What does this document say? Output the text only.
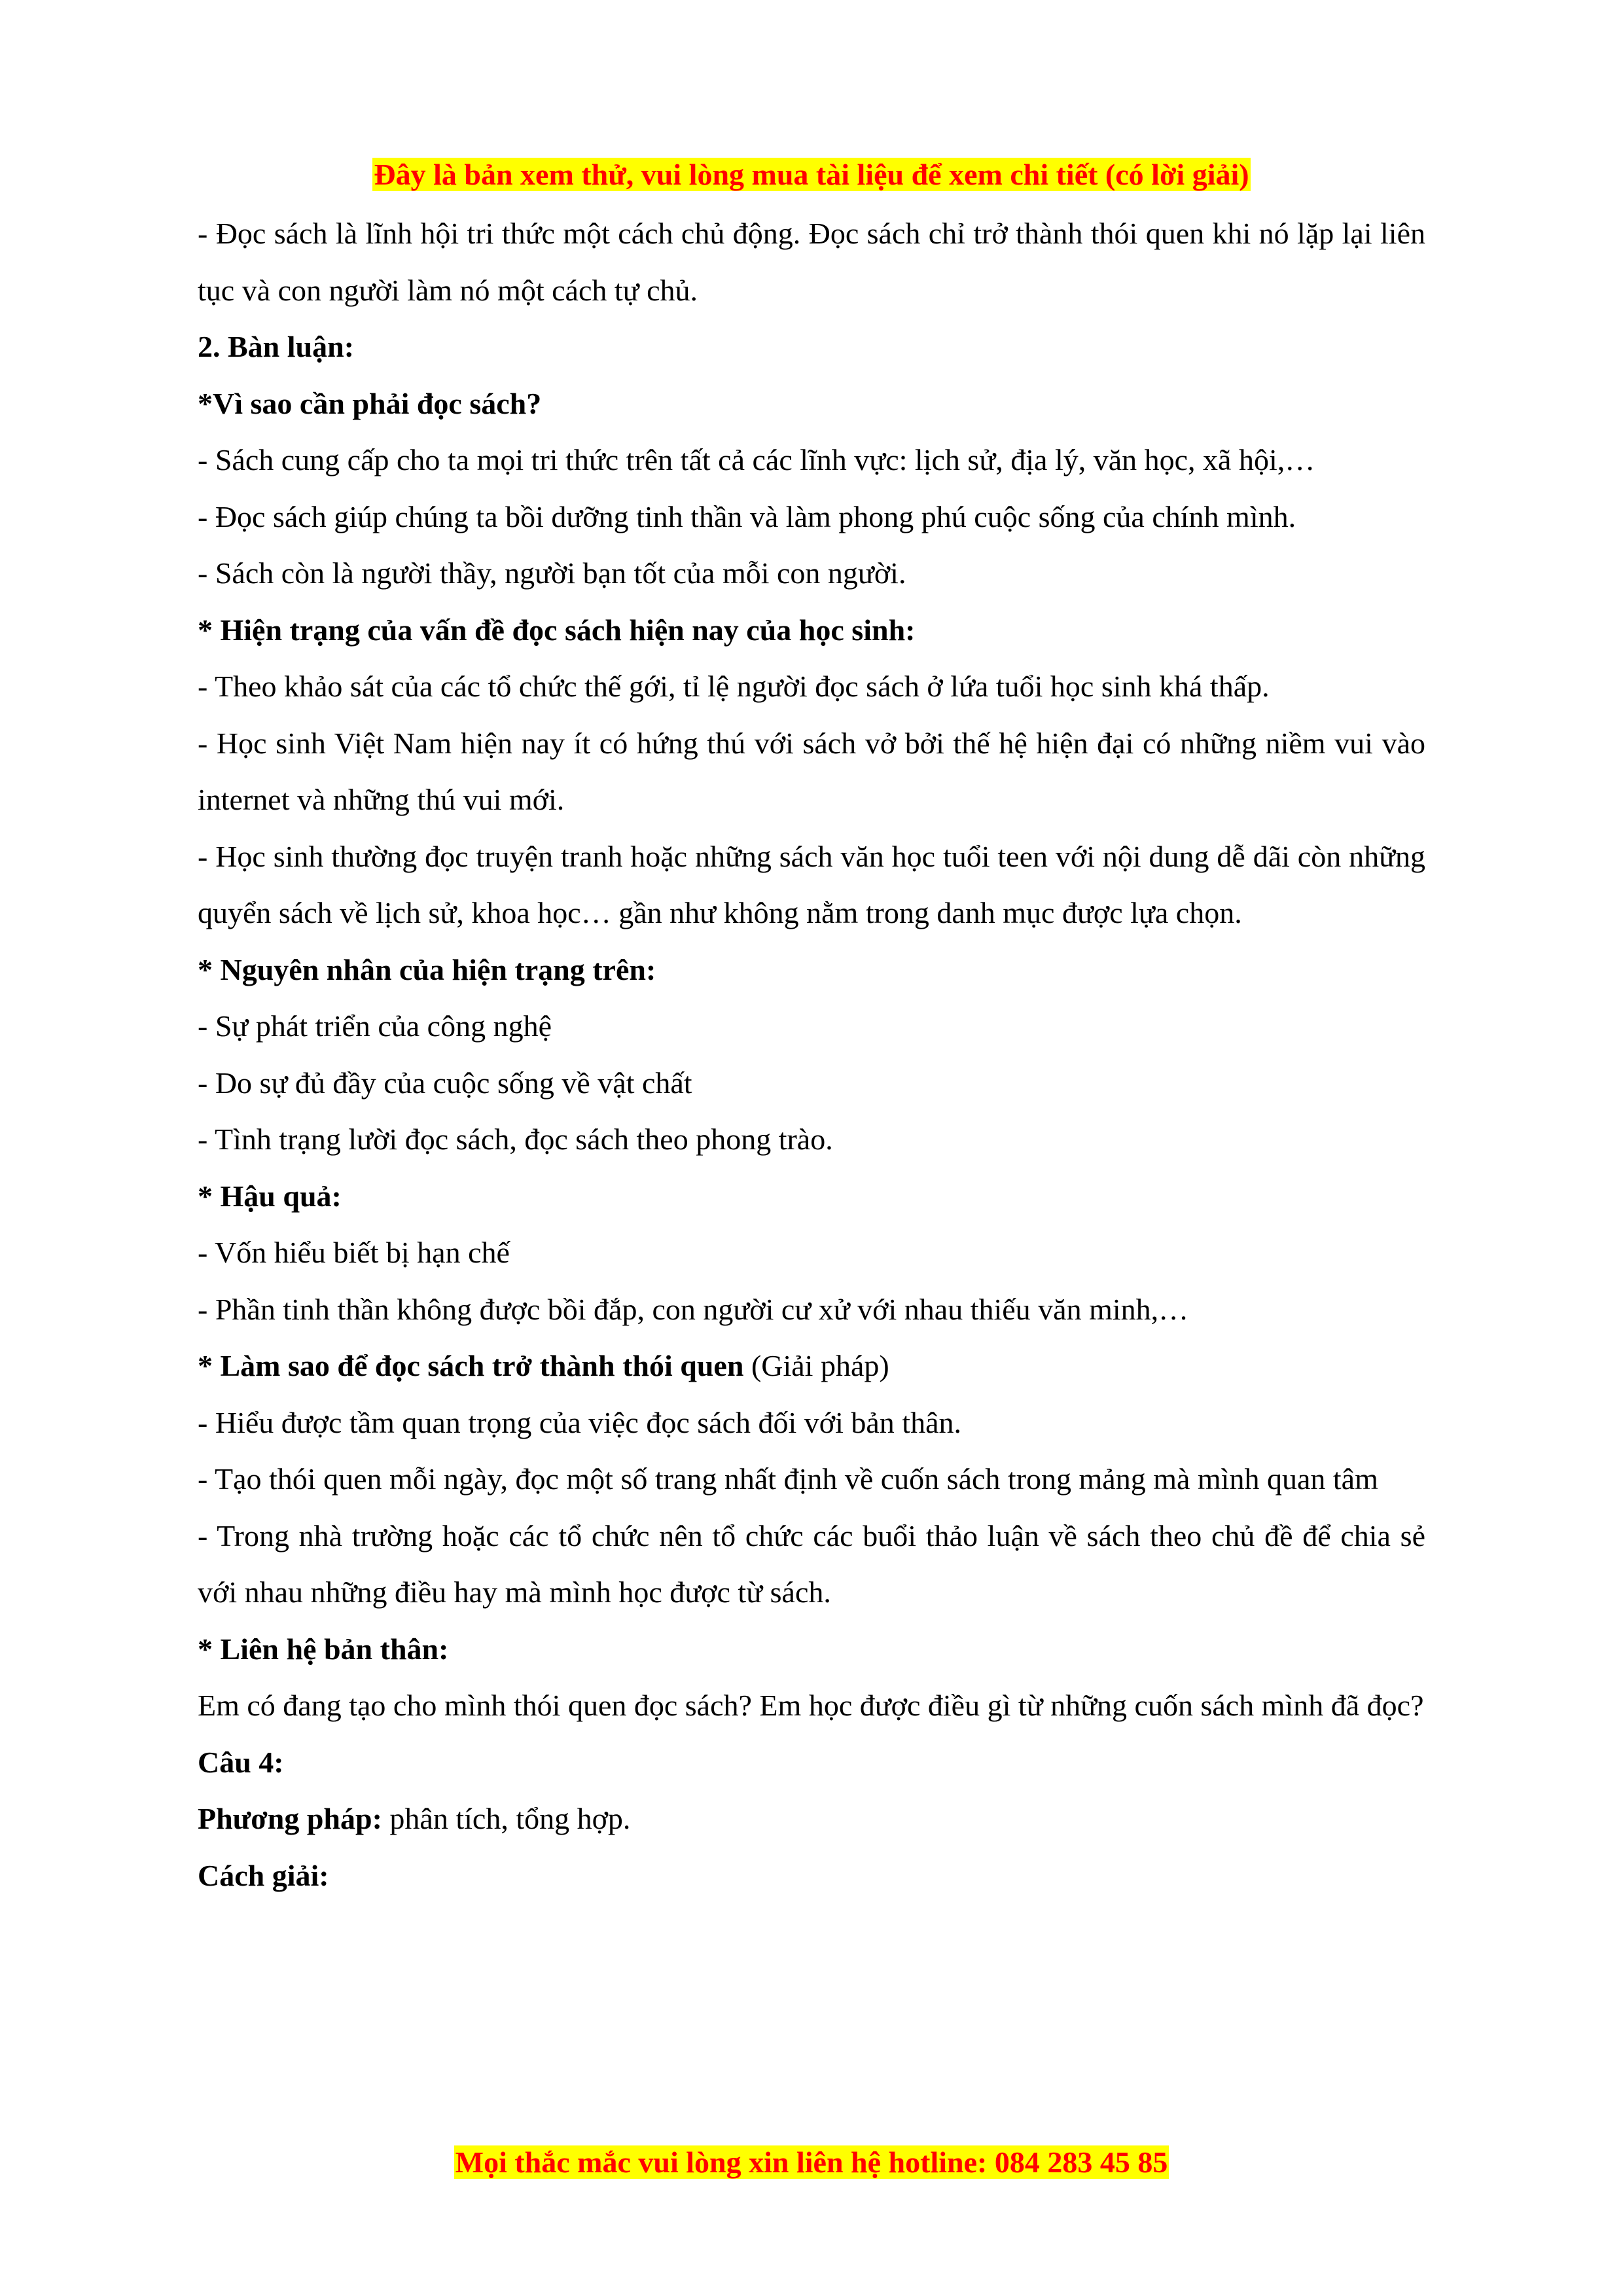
Đây là bản xem thử, vui lòng mua tài liệu để xem chi tiết (có lời giải)

- Đọc sách là lĩnh hội tri thức một cách chủ động. Đọc sách chỉ trở thành thói quen khi nó lặp lại liên tục và con người làm nó một cách tự chủ.

2. Bàn luận:

*Vì sao cần phải đọc sách?

- Sách cung cấp cho ta mọi tri thức trên tất cả các lĩnh vực: lịch sử, địa lý, văn học, xã hội,…

- Đọc sách giúp chúng ta bồi dưỡng tinh thần và làm phong phú cuộc sống của chính mình.

- Sách còn là người thầy, người bạn tốt của mỗi con người.

* Hiện trạng của vấn đề đọc sách hiện nay của học sinh:

- Theo khảo sát của các tổ chức thế gới, tỉ lệ người đọc sách ở lứa tuổi học sinh khá thấp.

- Học sinh Việt Nam hiện nay ít có hứng thú với sách vở bởi thế hệ hiện đại có những niềm vui vào internet và những thú vui mới.

- Học sinh thường đọc truyện tranh hoặc những sách văn học tuổi teen với nội dung dễ dãi còn những quyển sách về lịch sử, khoa học… gần như không nằm trong danh mục được lựa chọn.

* Nguyên nhân của hiện trạng trên:

- Sự phát triển của công nghệ

- Do sự đủ đầy của cuộc sống về vật chất

- Tình trạng lười đọc sách, đọc sách theo phong trào.

* Hậu quả:

- Vốn hiểu biết bị hạn chế

- Phần tinh thần không được bồi đắp, con người cư xử với nhau thiếu văn minh,…

* Làm sao để đọc sách trở thành thói quen (Giải pháp)

- Hiểu được tầm quan trọng của việc đọc sách đối với bản thân.

- Tạo thói quen mỗi ngày, đọc một số trang nhất định về cuốn sách trong mảng mà mình quan tâm

- Trong nhà trường hoặc các tổ chức nên tổ chức các buổi thảo luận về sách theo chủ đề để chia sẻ với nhau những điều hay mà mình học được từ sách.

* Liên hệ bản thân:

Em có đang tạo cho mình thói quen đọc sách? Em học được điều gì từ những cuốn sách mình đã đọc?

Câu 4:

Phương pháp: phân tích, tổng hợp.

Cách giải:

Mọi thắc mắc vui lòng xin liên hệ hotline: 084 283 45 85
